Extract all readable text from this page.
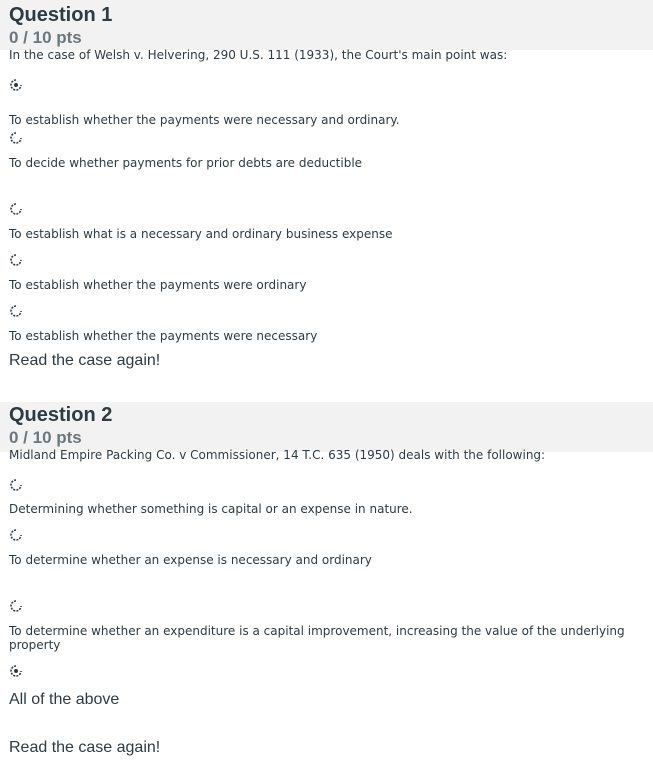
Question 1
0 / 10 pts
In the case of Welsh v. Helvering, 290 U.S. 111 (1933), the Court's main point was:
To establish whether the payments were necessary and ordinary.
To decide whether payments for prior debts are deductible
To establish what is a necessary and ordinary business expense
To establish whether the payments were ordinary
To establish whether the payments were necessary
Read the case again!
Question 2
0 / 10 pts
Midland Empire Packing Co. v Commissioner, 14 T.C. 635 (1950) deals with the following:
Determining whether something is capital or an expense in nature.
To determine whether an expense is necessary and ordinary
To determine whether an expenditure is a capital improvement, increasing the value of the underlying property
All of the above
Read the case again!
